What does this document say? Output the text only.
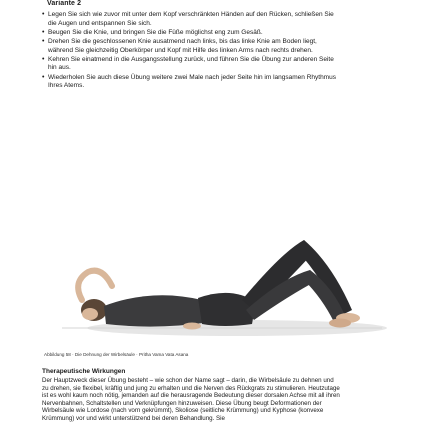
Variante 2
• Legen Sie sich wie zuvor mit unter dem Kopf verschränkten Händen auf den Rücken, schließen Sie die Augen und entspannen Sie sich.
• Beugen Sie die Knie, und bringen Sie die Füße möglichst eng zum Gesäß.
• Drehen Sie die geschlossenen Knie ausatmend nach links, bis das linke Knie am Boden liegt, während Sie gleichzeitig Oberkörper und Kopf mit Hilfe des linken Arms nach rechts drehen.
• Kehren Sie einatmend in die Ausgangsstellung zurück, und führen Sie die Übung zur anderen Seite hin aus.
• Wiederholen Sie auch diese Übung weitere zwei Male nach jeder Seite hin im langsamen Rhythmus Ihres Atems.
Abbildung 58 · Die Dehnung der Wirbelsäule · Pritha Vama Vata Asana
Therapeutische Wirkungen

Der Hauptzweck dieser Übung besteht – wie schon der Name sagt – darin, die Wirbelsäule zu dehnen und zu drehen, sie flexibel, kräftig und jung zu erhalten und die Nerven des Rückgrats zu stimulieren. Heutzutage ist es wohl kaum noch nötig, jemanden auf die herausragende Bedeutung dieser dorsalen Achse mit all ihren Nervenbahnen, Schaltstellen und Verknüpfungen hinzuweisen. Diese Übung beugt Deformationen der Wirbelsäule wie Lordose (nach vorn gekrümmt), Skoliose (seitliche Krümmung) und Kyphose (konvexe Krümmung) vor und wirkt unterstützend bei deren Behandlung. Sie
